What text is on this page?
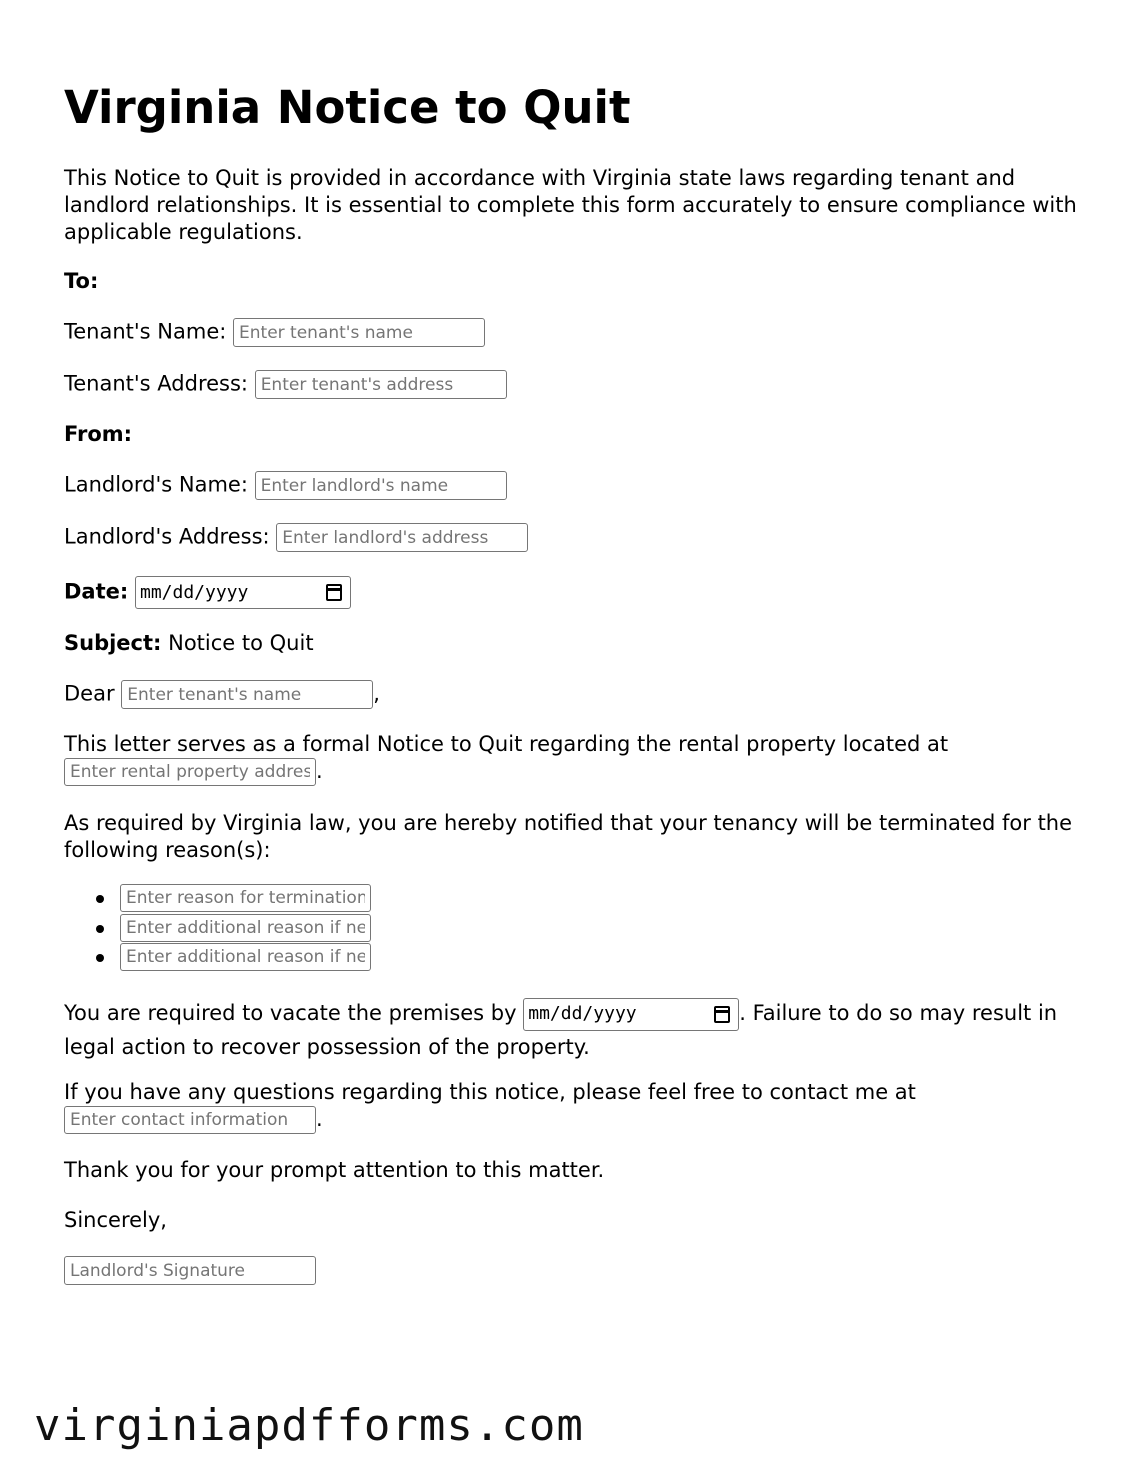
Virginia Notice to Quit
This Notice to Quit is provided in accordance with Virginia state laws regarding tenant and landlord relationships. It is essential to complete this form accurately to ensure compliance with applicable regulations.
To:
Tenant's Name: Enter tenant's name
Tenant's Address: Enter tenant's address
From:
Landlord's Name: Enter landlord's name
Landlord's Address: Enter landlord's address
Date: mm/dd/yyyy
Subject: Notice to Quit
Dear Enter tenant's name	,
This letter serves as a formal Notice to Quit regarding the rental property located at
Enter rental property address.
As required by Virginia law, you are hereby notified that your tenancy will be terminated for the following reason(s):
Enter reason for termination
Enter additional reason if needed
Enter additional reason if needed
You are required to vacate the premises by mm/dd/yyyy	. Failure to do so may result in legal action to recover possession of the property.
If you have any questions regarding this notice, please feel free to contact me at
Enter contact information.
Thank you for your prompt attention to this matter.
Sincerely,
Landlord's Signature
virginiapdfforms.com
